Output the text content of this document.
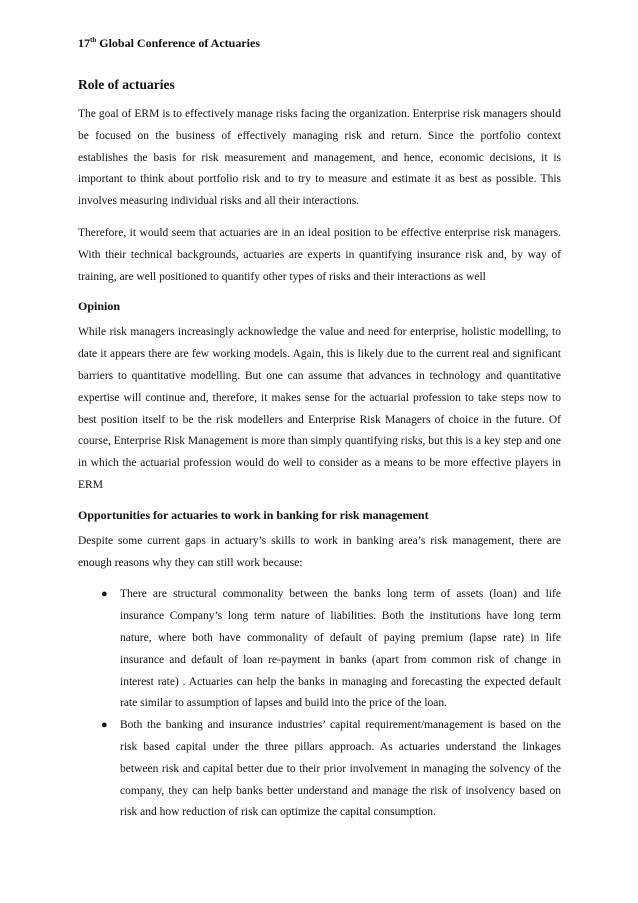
17th Global Conference of Actuaries
Role of actuaries

The goal of ERM is to effectively manage risks facing the organization. Enterprise risk managers should be focused on the business of effectively managing risk and return. Since the portfolio context establishes the basis for risk measurement and management, and hence, economic decisions, it is important to think about portfolio risk and to try to measure and estimate it as best as possible. This involves measuring individual risks and all their interactions.

Therefore, it would seem that actuaries are in an ideal position to be effective enterprise risk managers. With their technical backgrounds, actuaries are experts in quantifying insurance risk and, by way of training, are well positioned to quantify other types of risks and their interactions as well

Opinion

While risk managers increasingly acknowledge the value and need for enterprise, holistic modelling, to date it appears there are few working models. Again, this is likely due to the current real and significant barriers to quantitative modelling. But one can assume that advances in technology and quantitative expertise will continue and, therefore, it makes sense for the actuarial profession to take steps now to best position itself to be the risk modellers and Enterprise Risk Managers of choice in the future. Of course, Enterprise Risk Management is more than simply quantifying risks, but this is a key step and one in which the actuarial profession would do well to consider as a means to be more effective players in ERM

Opportunities for actuaries to work in banking for risk management

Despite some current gaps in actuary’s skills to work in banking area’s risk management, there are enough reasons why they can still work because:

● There are structural commonality between the banks long term of assets (loan) and life insurance Company’s long term nature of liabilities. Both the institutions have long term nature, where both have commonality of default of paying premium (lapse rate) in life insurance and default of loan re-payment in banks (apart from common risk of change in interest rate) . Actuaries can help the banks in managing and forecasting the expected default rate similar to assumption of lapses and build into the price of the loan.
● Both the banking and insurance industries’ capital requirement/management is based on the risk based capital under the three pillars approach. As actuaries understand the linkages between risk and capital better due to their prior involvement in managing the solvency of the company, they can help banks better understand and manage the risk of insolvency based on risk and how reduction of risk can optimize the capital consumption.
